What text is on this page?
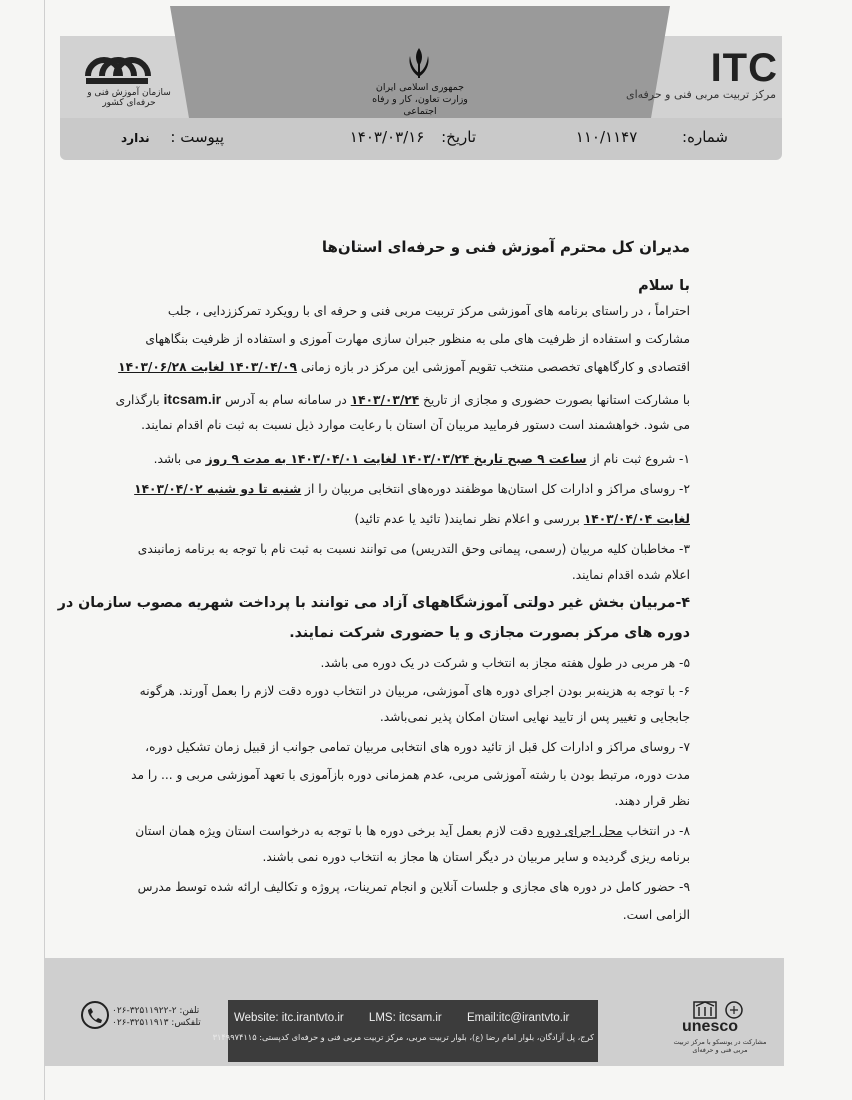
سازمان آموزش فنی و حرفه‌ای کشور
جمهوری اسلامی ایران
وزارت تعاون، کار و رفاه اجتماعی
ITC
مرکز تربیت مربی فنی و حرفه‌ای
شماره: ۱۱۰/۱۱۴۷
تاریخ: ۱۴۰۳/۰۳/۱۶
پیوست : ندارد
مدیران کل محترم آموزش فنی و حرفه‌ای استان‌ها
با سلام
احتراماً ، در راستای برنامه های آموزشی مرکز تربیت مربی فنی و حرفه ای با رویکرد تمرکززدایی ، جلب
مشارکت و استفاده از ظرفیت های ملی به منظور جبران سازی مهارت آموزی و استفاده از ظرفیت بنگاههای
اقتصادی و کارگاههای تخصصی منتخب تقویم آموزشی این مرکز در بازه زمانی ۱۴۰۳/۰۴/۰۹ لغایت ۱۴۰۳/۰۶/۲۸
با مشارکت استانها بصورت حضوری و مجازی از تاریخ ۱۴۰۳/۰۳/۲۴ در سامانه سام به آدرس itcsam.ir بارگذاری
می شود. خواهشمند است دستور فرمایید مربیان آن استان با رعایت موارد ذیل نسبت به ثبت نام اقدام نمایند.
۱- شروع ثبت نام از ساعت ۹ صبح تاریخ ۱۴۰۳/۰۳/۲۴ لغایت ۱۴۰۳/۰۴/۰۱ به مدت ۹ روز می باشد.
۲- روسای مراکز و ادارات کل استان‌ها موظفند دوره‌های انتخابی مربیان را از شنبه تا دو شنبه ۱۴۰۳/۰۴/۰۲
لغایت ۱۴۰۳/۰۴/۰۴ بررسی و اعلام نظر نمایند( تائید یا عدم تائید)
۳- مخاطبان کلیه مربیان (رسمی، پیمانی وحق التدریس) می توانند نسبت به ثبت نام با توجه به برنامه زمانبندی
اعلام شده اقدام نمایند.
۴-مربیان بخش غیر دولتی آموزشگاههای آزاد می توانند با پرداخت شهریه مصوب سازمان در
دوره های مرکز بصورت مجازی و یا حضوری شرکت نمایند.
۵- هر مربی در طول هفته مجاز به انتخاب و شرکت در یک دوره می باشد.
۶- با توجه به هزینه‌بر بودن اجرای دوره های آموزشی، مربیان در انتخاب دوره دقت لازم را بعمل آورند. هرگونه
جابجایی و تغییر پس از تایید نهایی استان امکان پذیر نمی‌باشد.
۷- روسای مراکز و ادارات کل قبل از تائید دوره های انتخابی مربیان تمامی جوانب از قبیل زمان تشکیل دوره،
مدت دوره، مرتبط بودن با رشته آموزشی مربی، عدم همزمانی دوره بازآموزی با تعهد آموزشی مربی و ... را مد
نظر قرار دهند.
۸- در انتخاب محل اجرای دوره دقت لازم بعمل آید برخی دوره ها با توجه به درخواست استان ویژه همان استان
برنامه ریزی گردیده و سایر مربیان در دیگر استان ها مجاز به انتخاب دوره نمی باشند.
۹- حضور کامل در دوره های مجازی و جلسات آنلاین و انجام تمرینات، پروژه و تکالیف ارائه شده توسط مدرس
الزامی است.
Website: itc.irantvto.ir LMS: itcsam.ir Email:itc@irantvto.ir
کرج، پل آزادگان، بلوار امام رضا (ع)، بلوار تربیت مربی، مرکز تربیت مربی فنی و حرفه‌ای کدپستی: ۳۱۴۹۹۷۴۱۱۵
تلفن: ۲-۳۲۵۱۱۹۲۲-۰۲۶
تلفکس: ۳۲۵۱۱۹۱۳-۰۲۶	unesco
مشارکت در یونسکو با مرکز تربیت مربی فنی و حرفه‌ای
